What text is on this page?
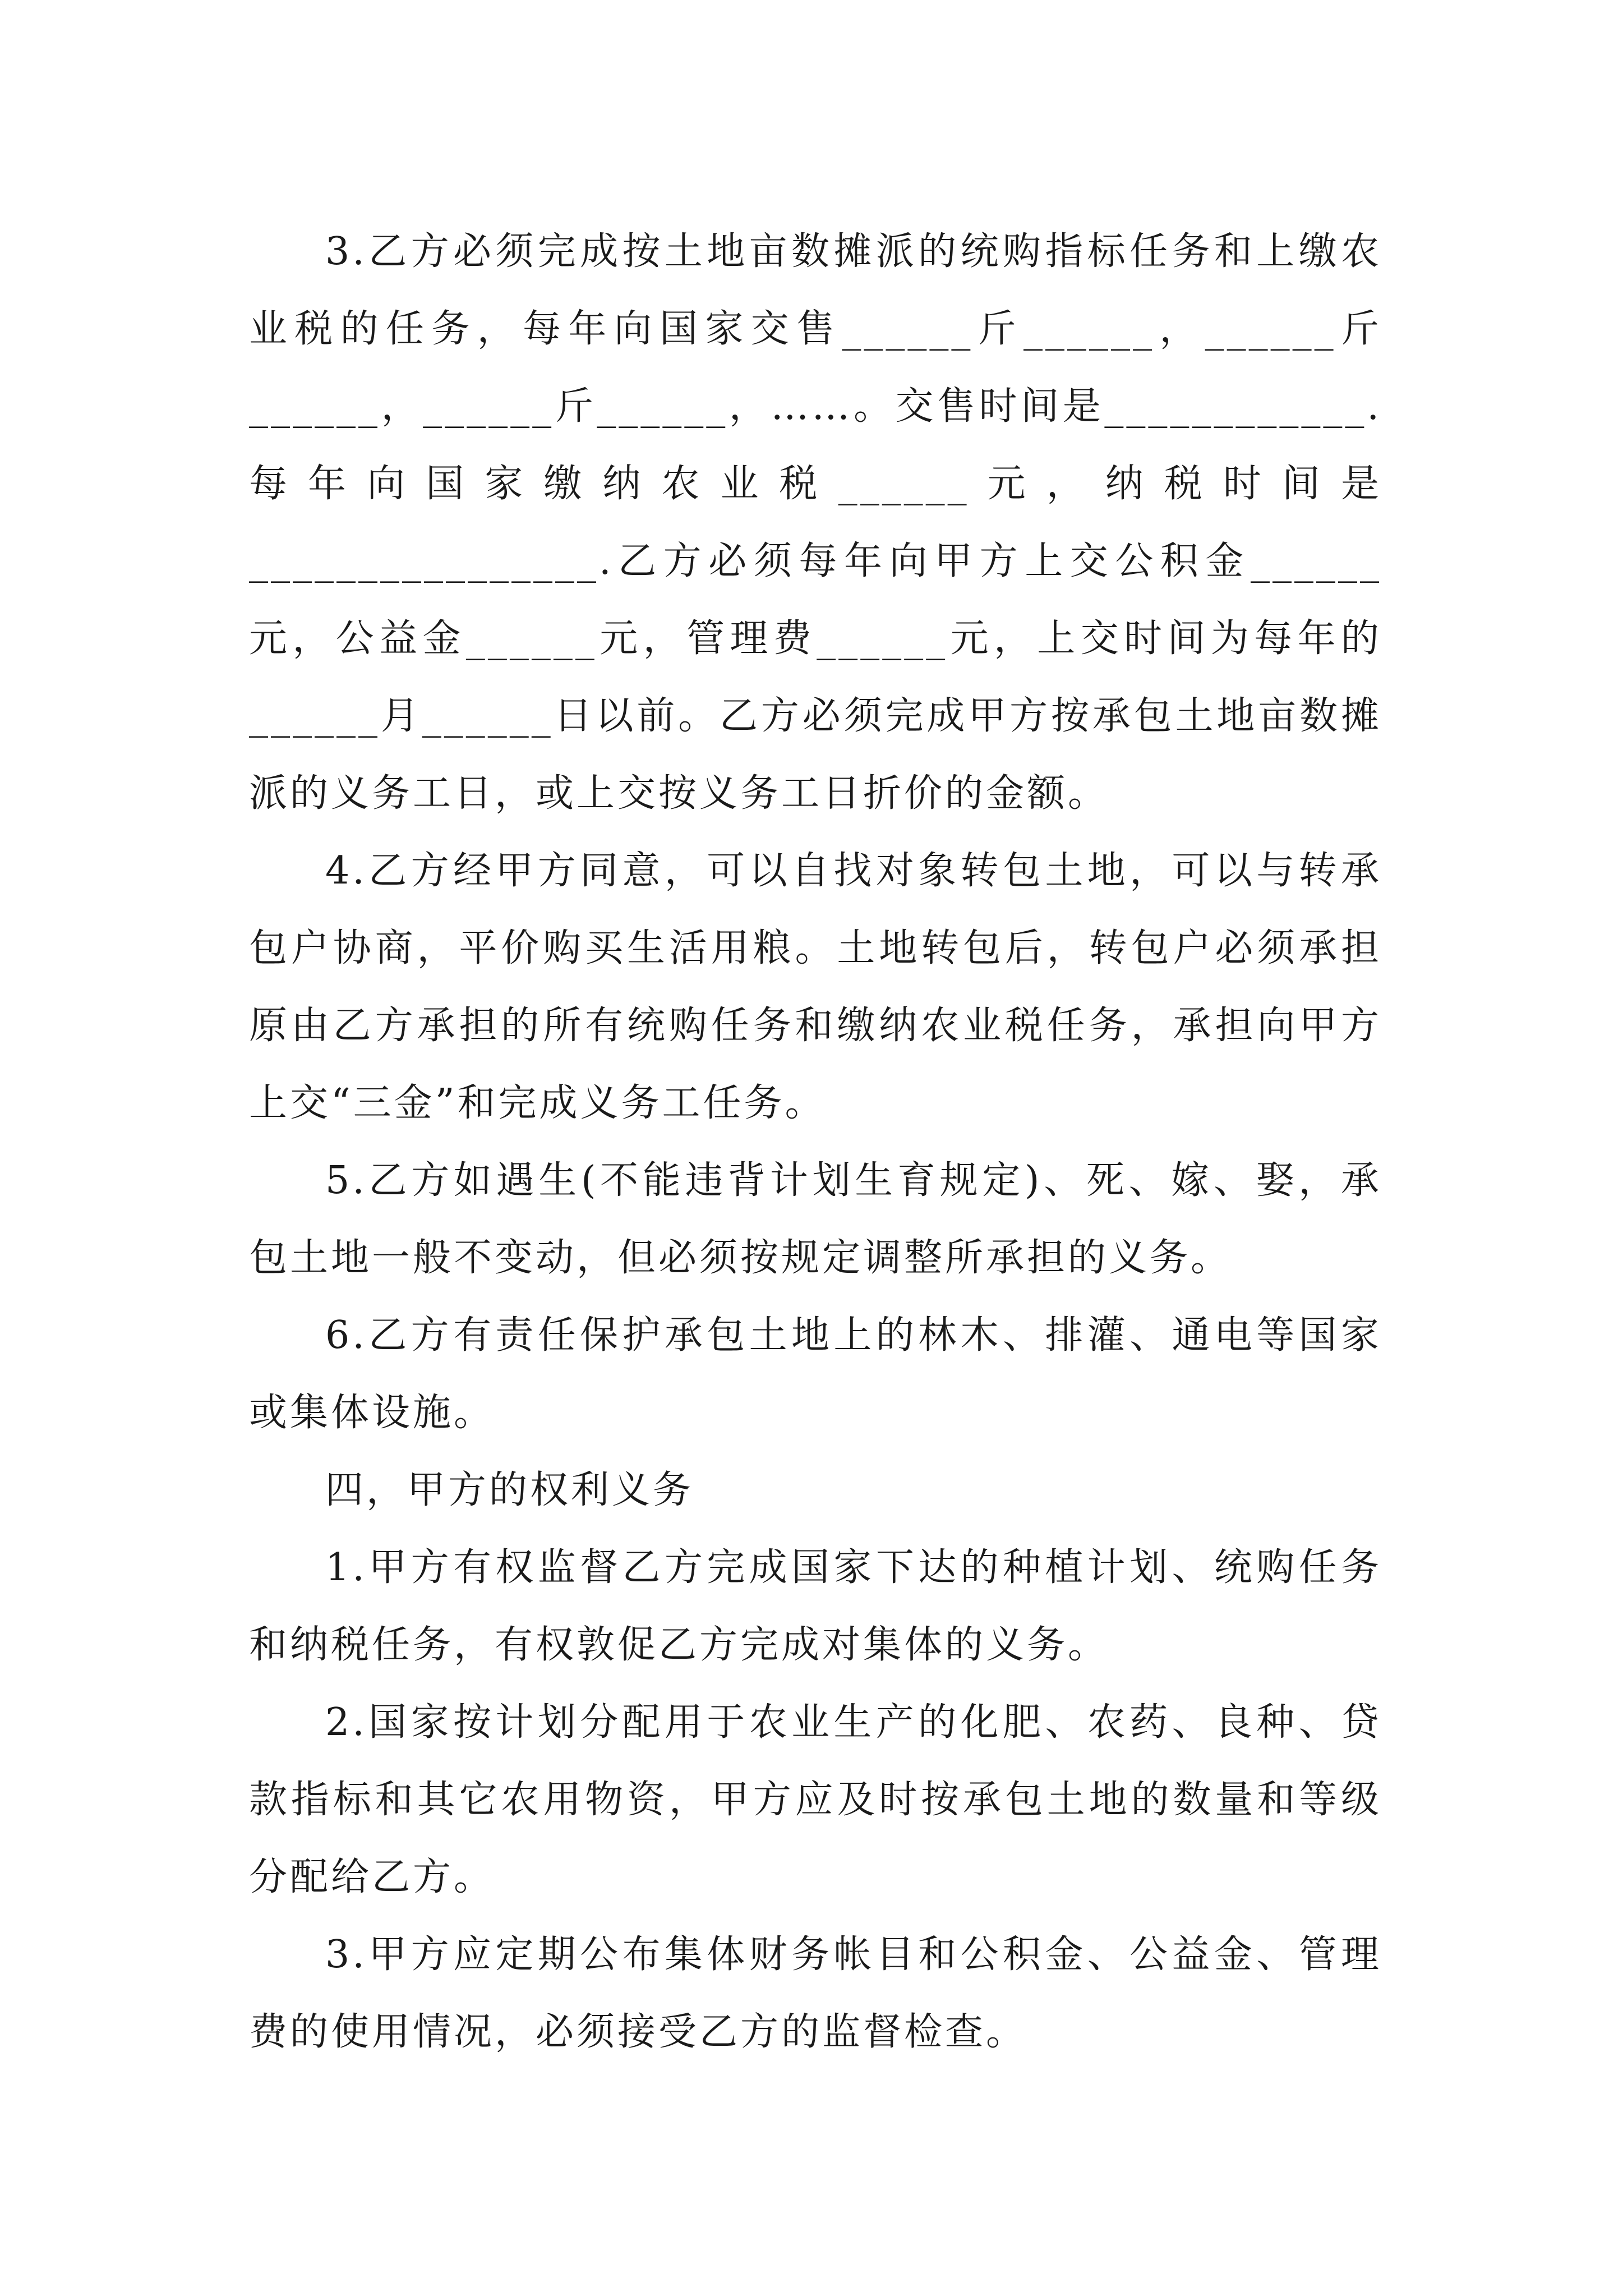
3.乙方必须完成按土地亩数摊派的统购指标任务和上缴农业税的任务，每年向国家交售______斤______，______斤______，______斤______，……。交售时间是____________.每年向国家缴纳农业税______元，纳税时间是________________.乙方必须每年向甲方上交公积金______元，公益金______元，管理费______元，上交时间为每年的______月______日以前。乙方必须完成甲方按承包土地亩数摊派的义务工日，或上交按义务工日折价的金额。

4.乙方经甲方同意，可以自找对象转包土地，可以与转承包户协商，平价购买生活用粮。土地转包后，转包户必须承担原由乙方承担的所有统购任务和缴纳农业税任务，承担向甲方上交“三金”和完成义务工任务。

5.乙方如遇生(不能违背计划生育规定)、死、嫁、娶，承包土地一般不变动，但必须按规定调整所承担的义务。

6.乙方有责任保护承包土地上的林木、排灌、通电等国家或集体设施。

四，甲方的权利义务

1.甲方有权监督乙方完成国家下达的种植计划、统购任务和纳税任务，有权敦促乙方完成对集体的义务。

2.国家按计划分配用于农业生产的化肥、农药、良种、贷款指标和其它农用物资，甲方应及时按承包土地的数量和等级分配给乙方。

3.甲方应定期公布集体财务帐目和公积金、公益金、管理费的使用情况，必须接受乙方的监督检查。
